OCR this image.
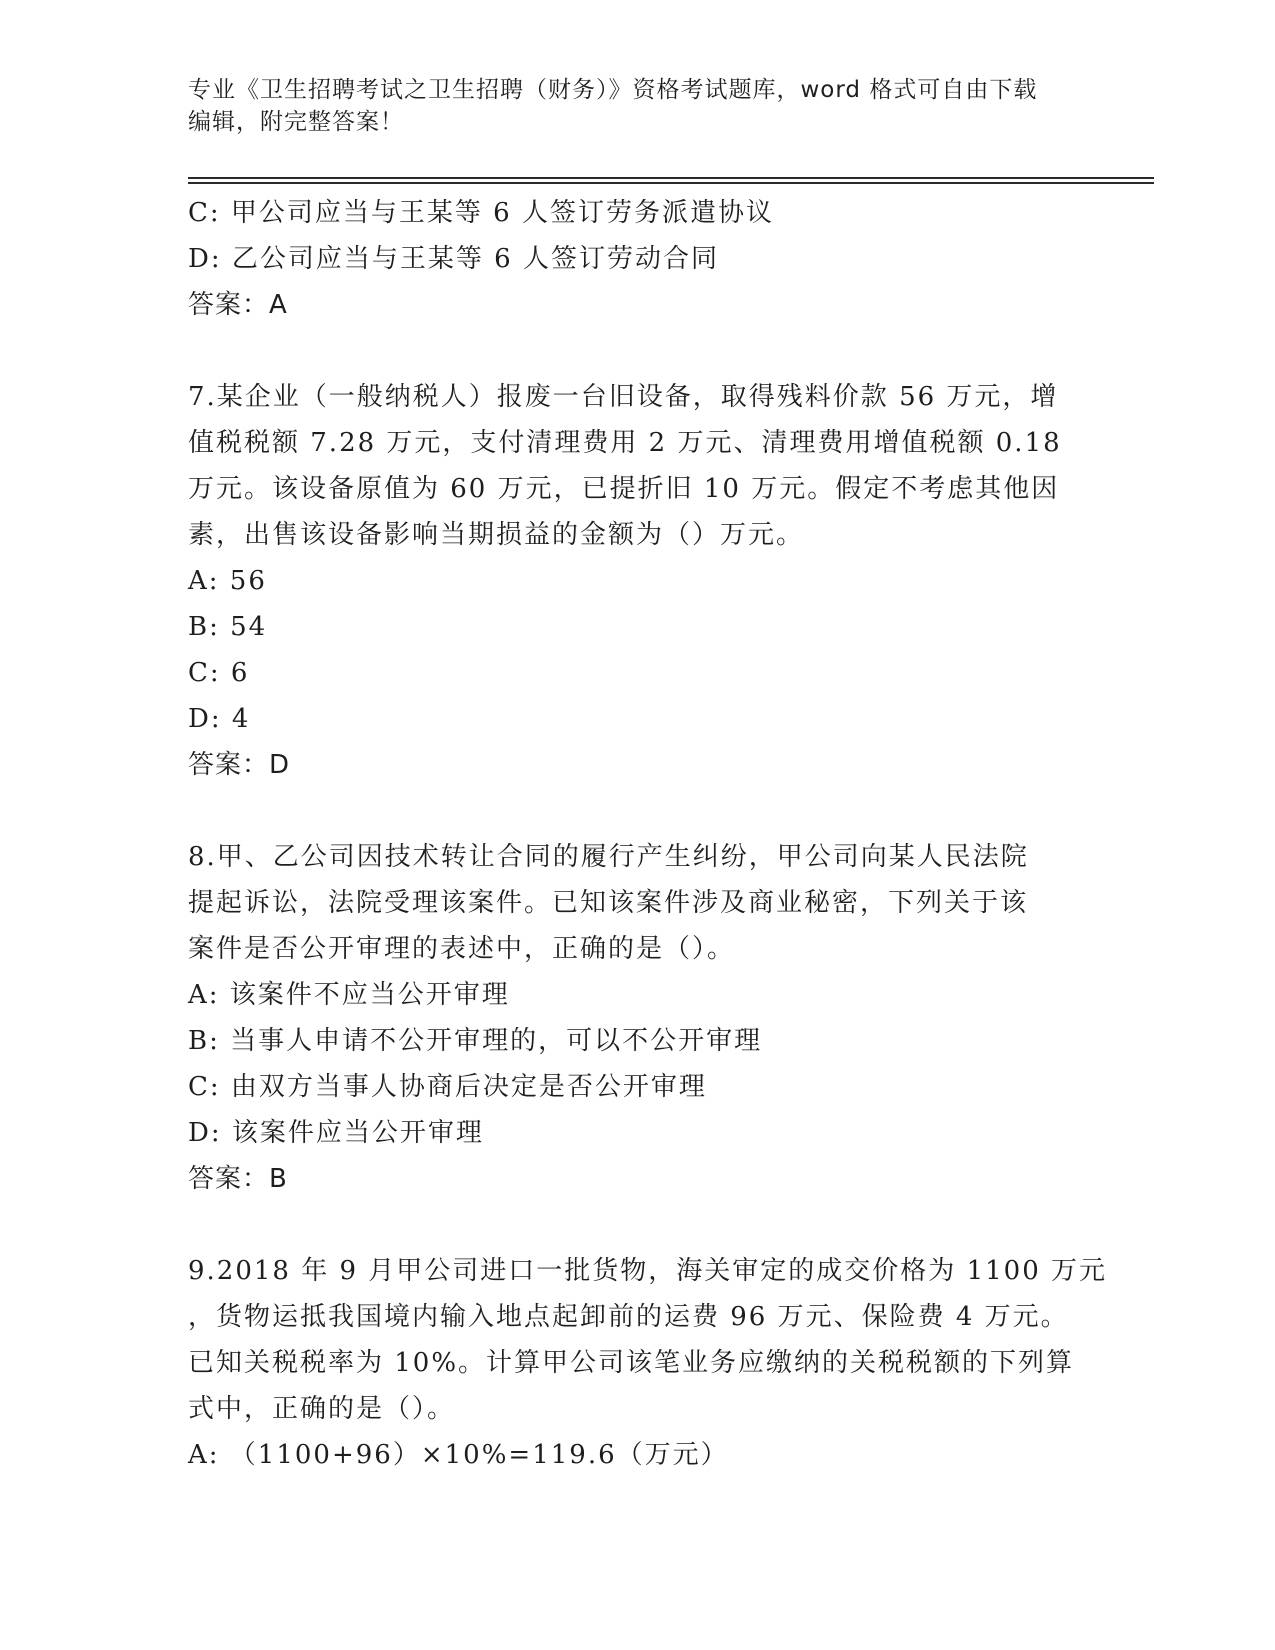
专业《卫生招聘考试之卫生招聘（财务）》资格考试题库，word 格式可自由下载
编辑，附完整答案！
C: 甲公司应当与王某等 6 人签订劳务派遣协议
D: 乙公司应当与王某等 6 人签订劳动合同
答案：A
7.某企业（一般纳税人）报废一台旧设备，取得残料价款 56 万元，增
值税税额 7.28 万元，支付清理费用 2 万元、清理费用增值税额 0.18
万元。该设备原值为 60 万元，已提折旧 10 万元。假定不考虑其他因
素，出售该设备影响当期损益的金额为（）万元。
A: 56
B: 54
C: 6
D: 4
答案：D
8.甲、乙公司因技术转让合同的履行产生纠纷，甲公司向某人民法院
提起诉讼，法院受理该案件。已知该案件涉及商业秘密，下列关于该
案件是否公开审理的表述中，正确的是（）。
A: 该案件不应当公开审理
B: 当事人申请不公开审理的，可以不公开审理
C: 由双方当事人协商后决定是否公开审理
D: 该案件应当公开审理
答案：B
9.2018 年 9 月甲公司进口一批货物，海关审定的成交价格为 1100 万元
，货物运抵我国境内输入地点起卸前的运费 96 万元、保险费 4 万元。
已知关税税率为 10%。计算甲公司该笔业务应缴纳的关税税额的下列算
式中，正确的是（）。
A: （1100+96）×10%=119.6（万元）
